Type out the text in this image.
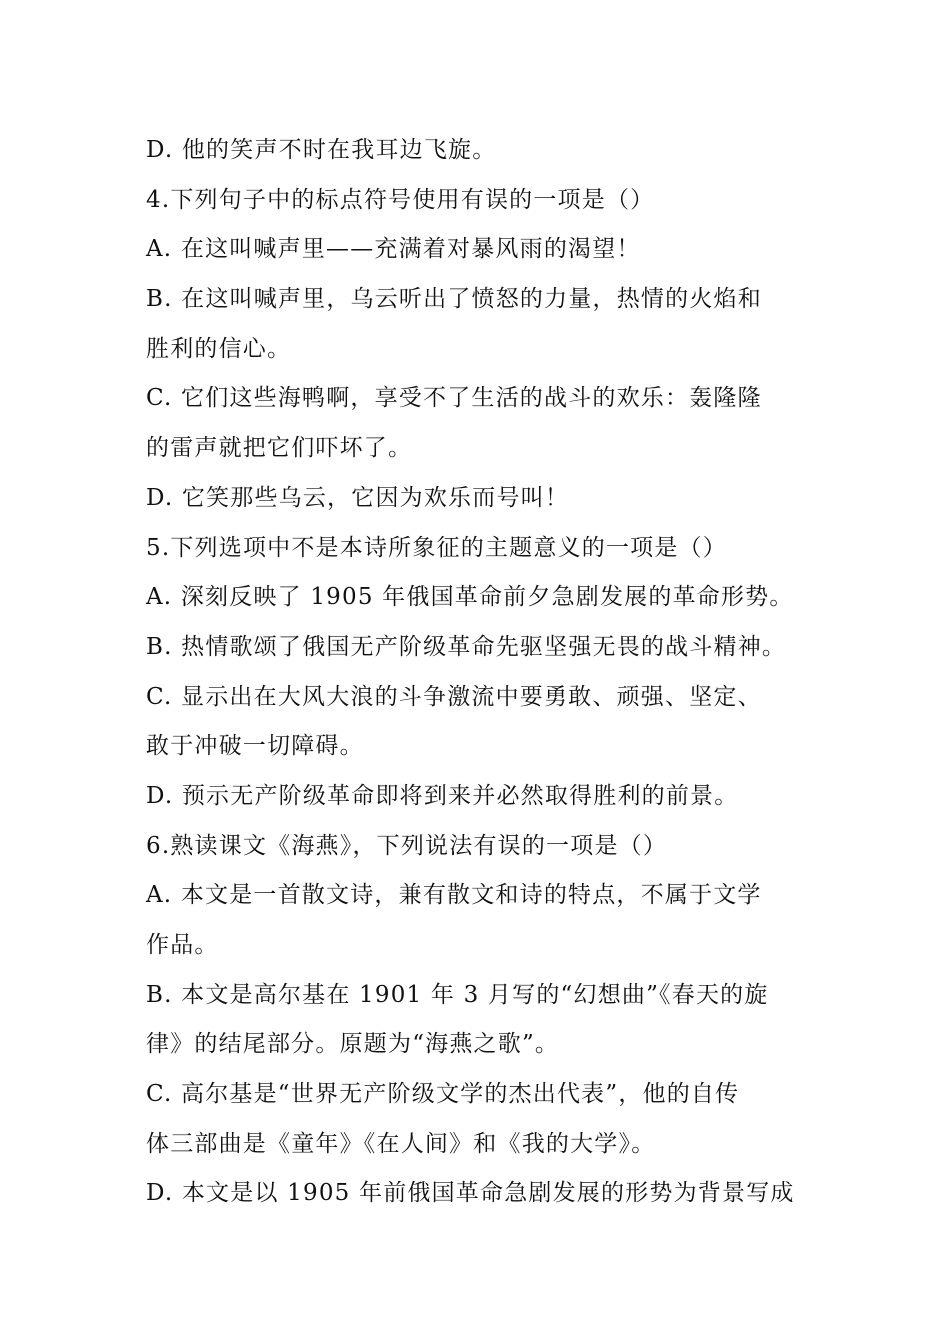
D. 他的笑声不时在我耳边飞旋。
4.下列句子中的标点符号使用有误的一项是（）
A. 在这叫喊声里——充满着对暴风雨的渴望！
B. 在这叫喊声里，乌云听出了愤怒的力量，热情的火焰和
胜利的信心。
C. 它们这些海鸭啊，享受不了生活的战斗的欢乐：轰隆隆
的雷声就把它们吓坏了。
D. 它笑那些乌云，它因为欢乐而号叫！
5.下列选项中不是本诗所象征的主题意义的一项是（）
A. 深刻反映了 1905 年俄国革命前夕急剧发展的革命形势。
B. 热情歌颂了俄国无产阶级革命先驱坚强无畏的战斗精神。
C. 显示出在大风大浪的斗争激流中要勇敢、顽强、坚定、
敢于冲破一切障碍。
D. 预示无产阶级革命即将到来并必然取得胜利的前景。
6.熟读课文《海燕》，下列说法有误的一项是（）
A. 本文是一首散文诗，兼有散文和诗的特点，不属于文学
作品。
B. 本文是高尔基在 1901 年 3 月写的“幻想曲”《春天的旋
律》的结尾部分。原题为“海燕之歌”。
C. 高尔基是“世界无产阶级文学的杰出代表”，他的自传
体三部曲是《童年》《在人间》和《我的大学》。
D. 本文是以 1905 年前俄国革命急剧发展的形势为背景写成
